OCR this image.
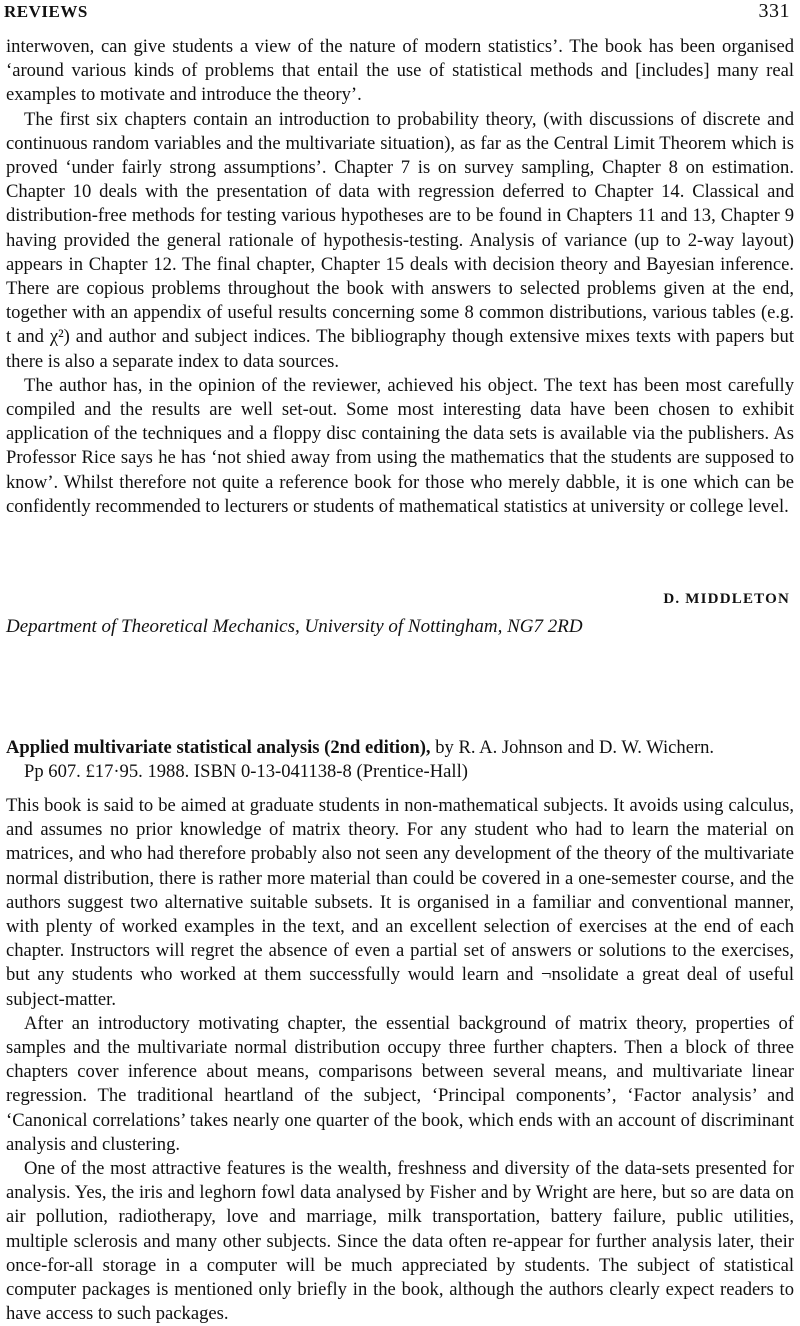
REVIEWS	331

interwoven, can give students a view of the nature of modern statistics’. The book has been organised ‘around various kinds of problems that entail the use of statistical methods and [includes] many real examples to motivate and introduce the theory’.

The first six chapters contain an introduction to probability theory, (with discussions of discrete and continuous random variables and the multivariate situation), as far as the Central Limit Theorem which is proved ‘under fairly strong assumptions’. Chapter 7 is on survey sampling, Chapter 8 on estimation. Chapter 10 deals with the presentation of data with regression deferred to Chapter 14. Classical and distribution-free methods for testing various hypotheses are to be found in Chapters 11 and 13, Chapter 9 having provided the general rationale of hypothesis-testing. Analysis of variance (up to 2-way layout) appears in Chapter 12. The final chapter, Chapter 15 deals with decision theory and Bayesian inference. There are copious problems throughout the book with answers to selected problems given at the end, together with an appendix of useful results concerning some 8 common distributions, various tables (e.g. t and χ²) and author and subject indices. The bibliography though extensive mixes texts with papers but there is also a separate index to data sources.

The author has, in the opinion of the reviewer, achieved his object. The text has been most carefully compiled and the results are well set-out. Some most interesting data have been chosen to exhibit application of the techniques and a floppy disc containing the data sets is available via the publishers. As Professor Rice says he has ‘not shied away from using the mathematics that the students are supposed to know’. Whilst therefore not quite a reference book for those who merely dabble, it is one which can be confidently recommended to lecturers or students of mathematical statistics at university or college level.

D. MIDDLETON
Department of Theoretical Mechanics, University of Nottingham, NG7 2RD
Applied multivariate statistical analysis (2nd edition), by R. A. Johnson and D. W. Wichern.
Pp 607. £17·95. 1988. ISBN 0-13-041138-8 (Prentice-Hall)

This book is said to be aimed at graduate students in non-mathematical subjects. It avoids using calculus, and assumes no prior knowledge of matrix theory. For any student who had to learn the material on matrices, and who had therefore probably also not seen any development of the theory of the multivariate normal distribution, there is rather more material than could be covered in a one-semester course, and the authors suggest two alternative suitable subsets. It is organised in a familiar and conventional manner, with plenty of worked examples in the text, and an excellent selection of exercises at the end of each chapter. Instructors will regret the absence of even a partial set of answers or solutions to the exercises, but any students who worked at them successfully would learn and ¬nsolidate a great deal of useful subject-matter.

After an introductory motivating chapter, the essential background of matrix theory, properties of samples and the multivariate normal distribution occupy three further chapters. Then a block of three chapters cover inference about means, comparisons between several means, and multivariate linear regression. The traditional heartland of the subject, ‘Principal components’, ‘Factor analysis’ and ‘Canonical correlations’ takes nearly one quarter of the book, which ends with an account of discriminant analysis and clustering.

One of the most attractive features is the wealth, freshness and diversity of the data-sets presented for analysis. Yes, the iris and leghorn fowl data analysed by Fisher and by Wright are here, but so are data on air pollution, radiotherapy, love and marriage, milk transportation, battery failure, public utilities, multiple sclerosis and many other subjects. Since the data often re-appear for further analysis later, their once-for-all storage in a computer will be much appreciated by students. The subject of statistical computer packages is mentioned only briefly in the book, although the authors clearly expect readers to have access to such packages.
